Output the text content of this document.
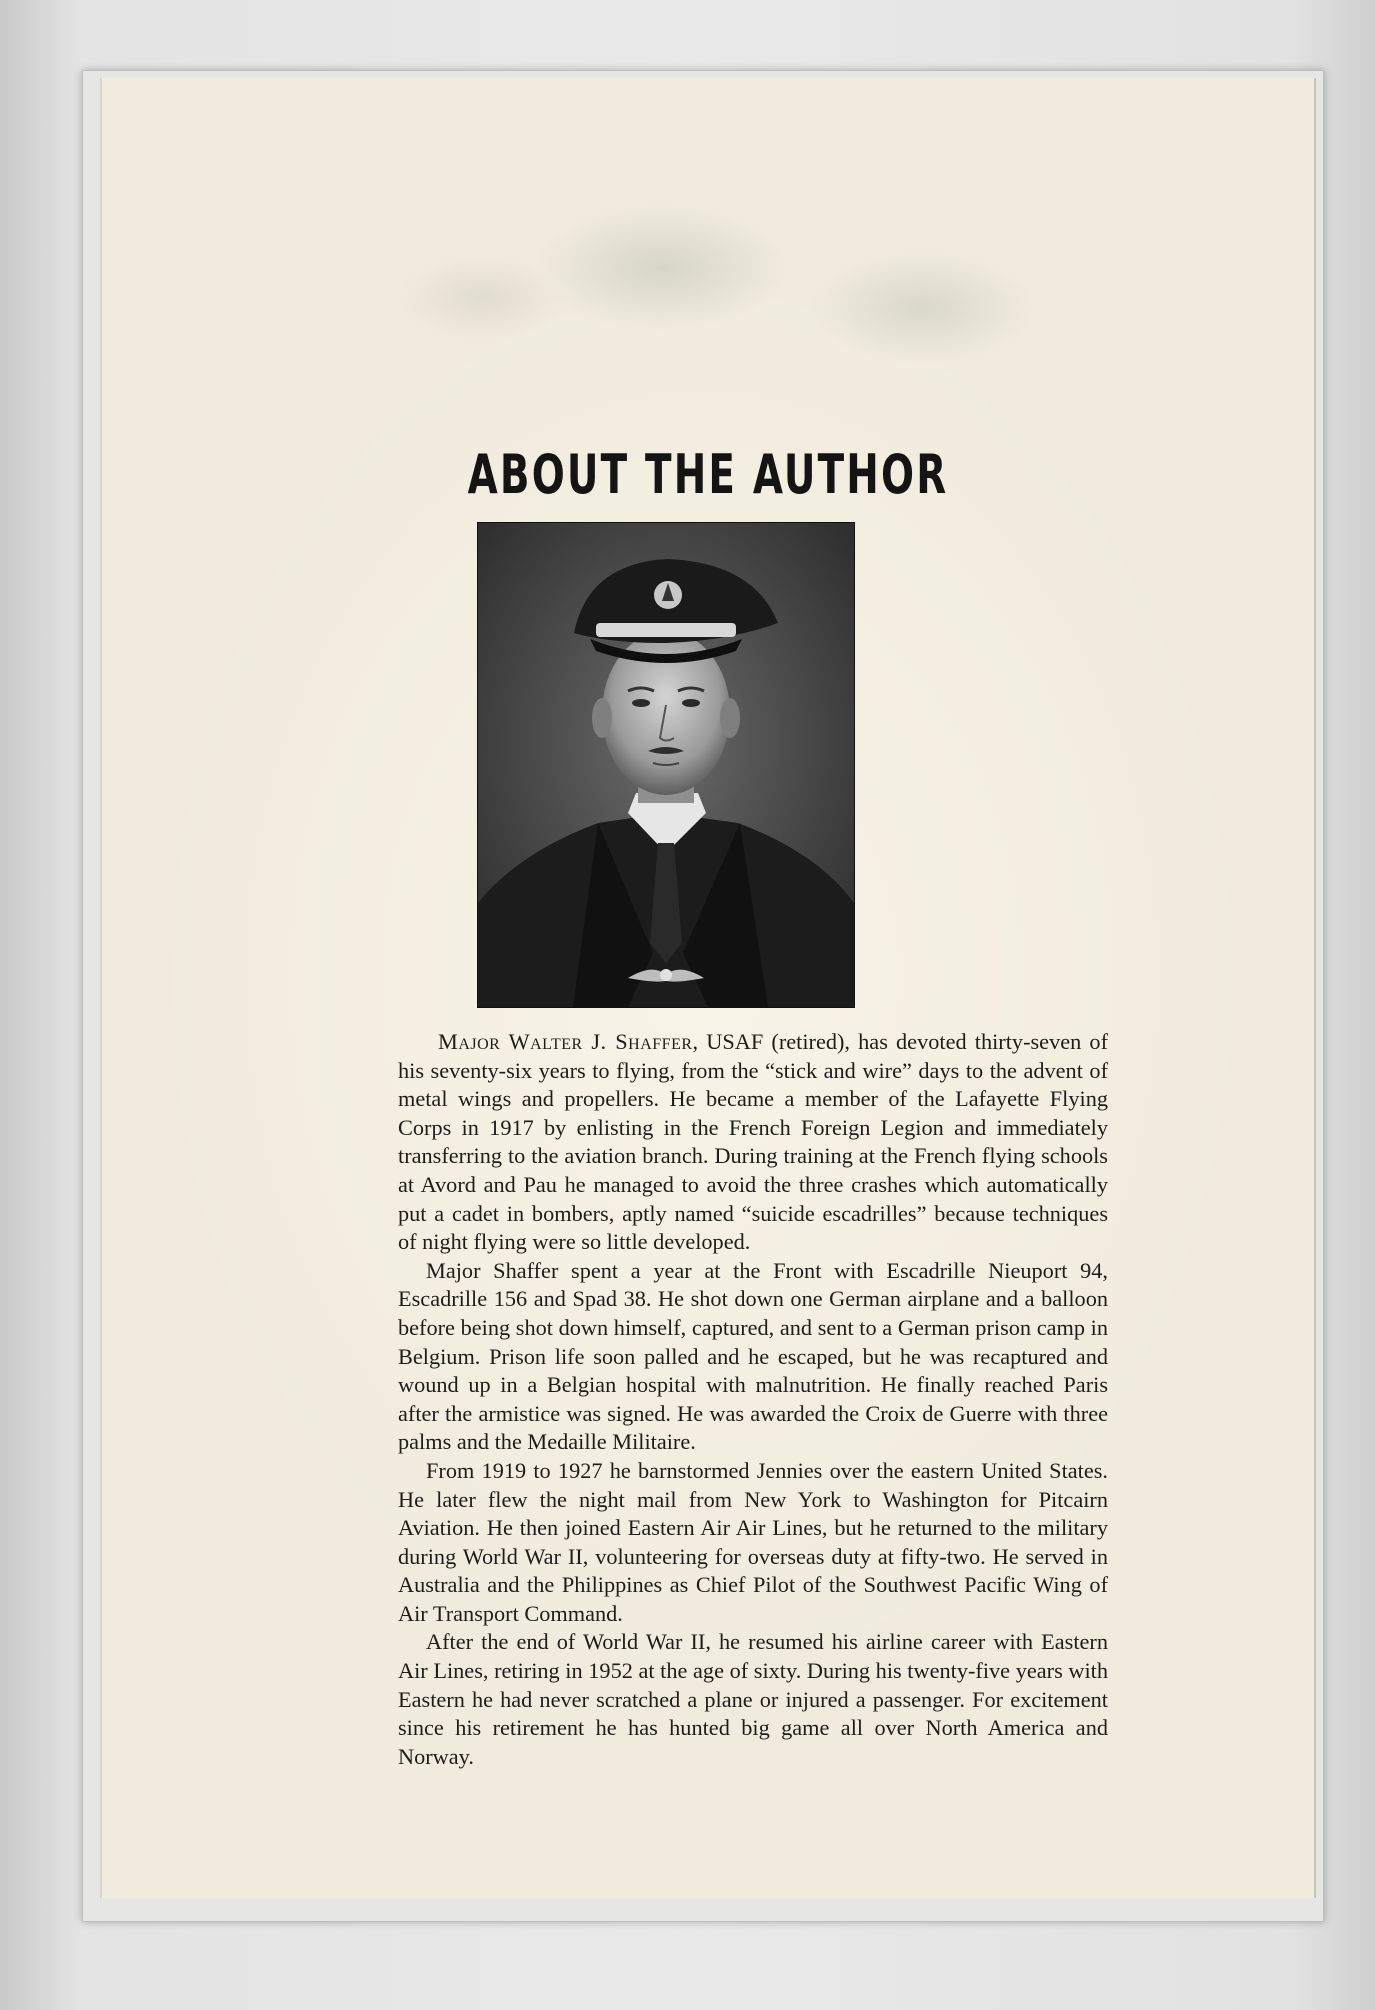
ABOUT THE AUTHOR

Major Walter J. Shaffer, USAF (retired), has devoted thirty-seven of his seventy-six years to flying, from the “stick and wire” days to the advent of metal wings and propellers. He became a member of the Lafayette Flying Corps in 1917 by enlisting in the French Foreign Legion and immediately transferring to the aviation branch. During training at the French flying schools at Avord and Pau he managed to avoid the three crashes which automatically put a cadet in bombers, aptly named “suicide escadrilles” because techniques of night flying were so little developed.

Major Shaffer spent a year at the Front with Escadrille Nieuport 94, Escadrille 156 and Spad 38. He shot down one German airplane and a balloon before being shot down himself, captured, and sent to a German prison camp in Belgium. Prison life soon palled and he escaped, but he was recaptured and wound up in a Belgian hospital with malnutrition. He finally reached Paris after the armistice was signed. He was awarded the Croix de Guerre with three palms and the Medaille Militaire.

From 1919 to 1927 he barnstormed Jennies over the eastern United States. He later flew the night mail from New York to Washington for Pitcairn Aviation. He then joined Eastern Air Air Lines, but he returned to the military during World War II, volunteering for overseas duty at fifty-two. He served in Australia and the Philippines as Chief Pilot of the Southwest Pacific Wing of Air Transport Command.

After the end of World War II, he resumed his airline career with Eastern Air Lines, retiring in 1952 at the age of sixty. During his twenty-five years with Eastern he had never scratched a plane or injured a passenger. For excitement since his retirement he has hunted big game all over North America and Norway.
